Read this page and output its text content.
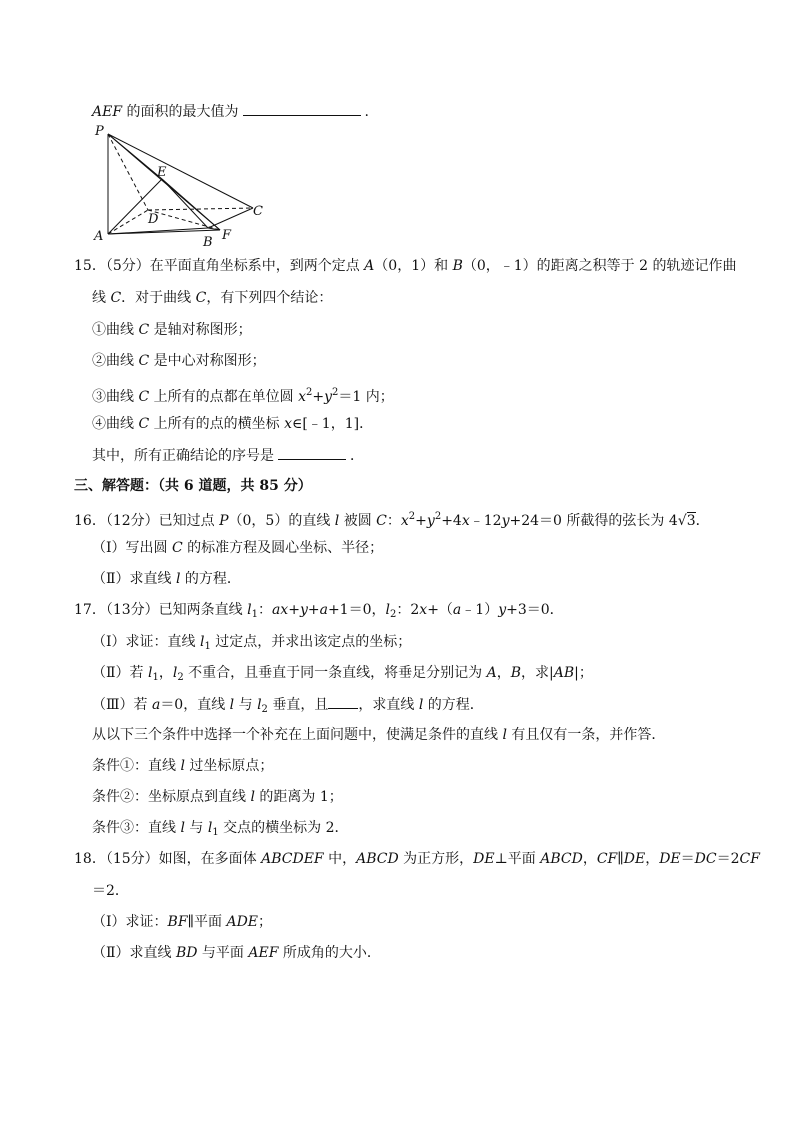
AEF 的面积的最大值为	.
P
E
D
C
A	B F
15．（5分）在平面直角坐标系中，到两个定点 A（0，1）和 B（0，﹣1）的距离之积等于 2 的轨迹记作曲
线 C．对于曲线 C，有下列四个结论：
①曲线 C 是轴对称图形；
②曲线 C 是中心对称图形；
③曲线 C 上所有的点都在单位圆 $x^2+y^2=1$ 内；
④曲线 C 上所有的点的横坐标 x∈[﹣1，1]．
其中，所有正确结论的序号是	．
三、解答题：（共 6 道题，共 85 分）
16．（12分）已知过点 P（0，5）的直线 l 被圆 C：$x^2+y^2+4x﹣12y+24=0$ 所截得的弦长为 4√3．
（Ⅰ）写出圆 C 的标准方程及圆心坐标、半径；
（Ⅱ）求直线 l 的方程．
17．（13分）已知两条直线 $l_1$：ax+y+a+1＝0，$l_2$：2x+（a﹣1）y+3＝0．
（Ⅰ）求证：直线 $l_1$ 过定点，并求出该定点的坐标；
（Ⅱ）若 $l_1$，$l_2$ 不重合，且垂直于同一条直线，将垂足分别记为 A，B，求|AB|；
（Ⅲ）若 a＝0，直线 l 与 $l_2$ 垂直，且 ，求直线 l 的方程．
从以下三个条件中选择一个补充在上面问题中，使满足条件的直线 l 有且仅有一条，并作答．
条件①：直线 l 过坐标原点；
条件②：坐标原点到直线 l 的距离为 1；
条件③：直线 l 与 $l_1$ 交点的横坐标为 2．
18．（15分）如图，在多面体 ABCDEF 中，ABCD 为正方形，DE⊥平面 ABCD，CF∥DE，DE＝DC＝2CF
＝2．
（Ⅰ）求证：BF∥平面 ADE；
（Ⅱ）求直线 BD 与平面 AEF 所成角的大小．
